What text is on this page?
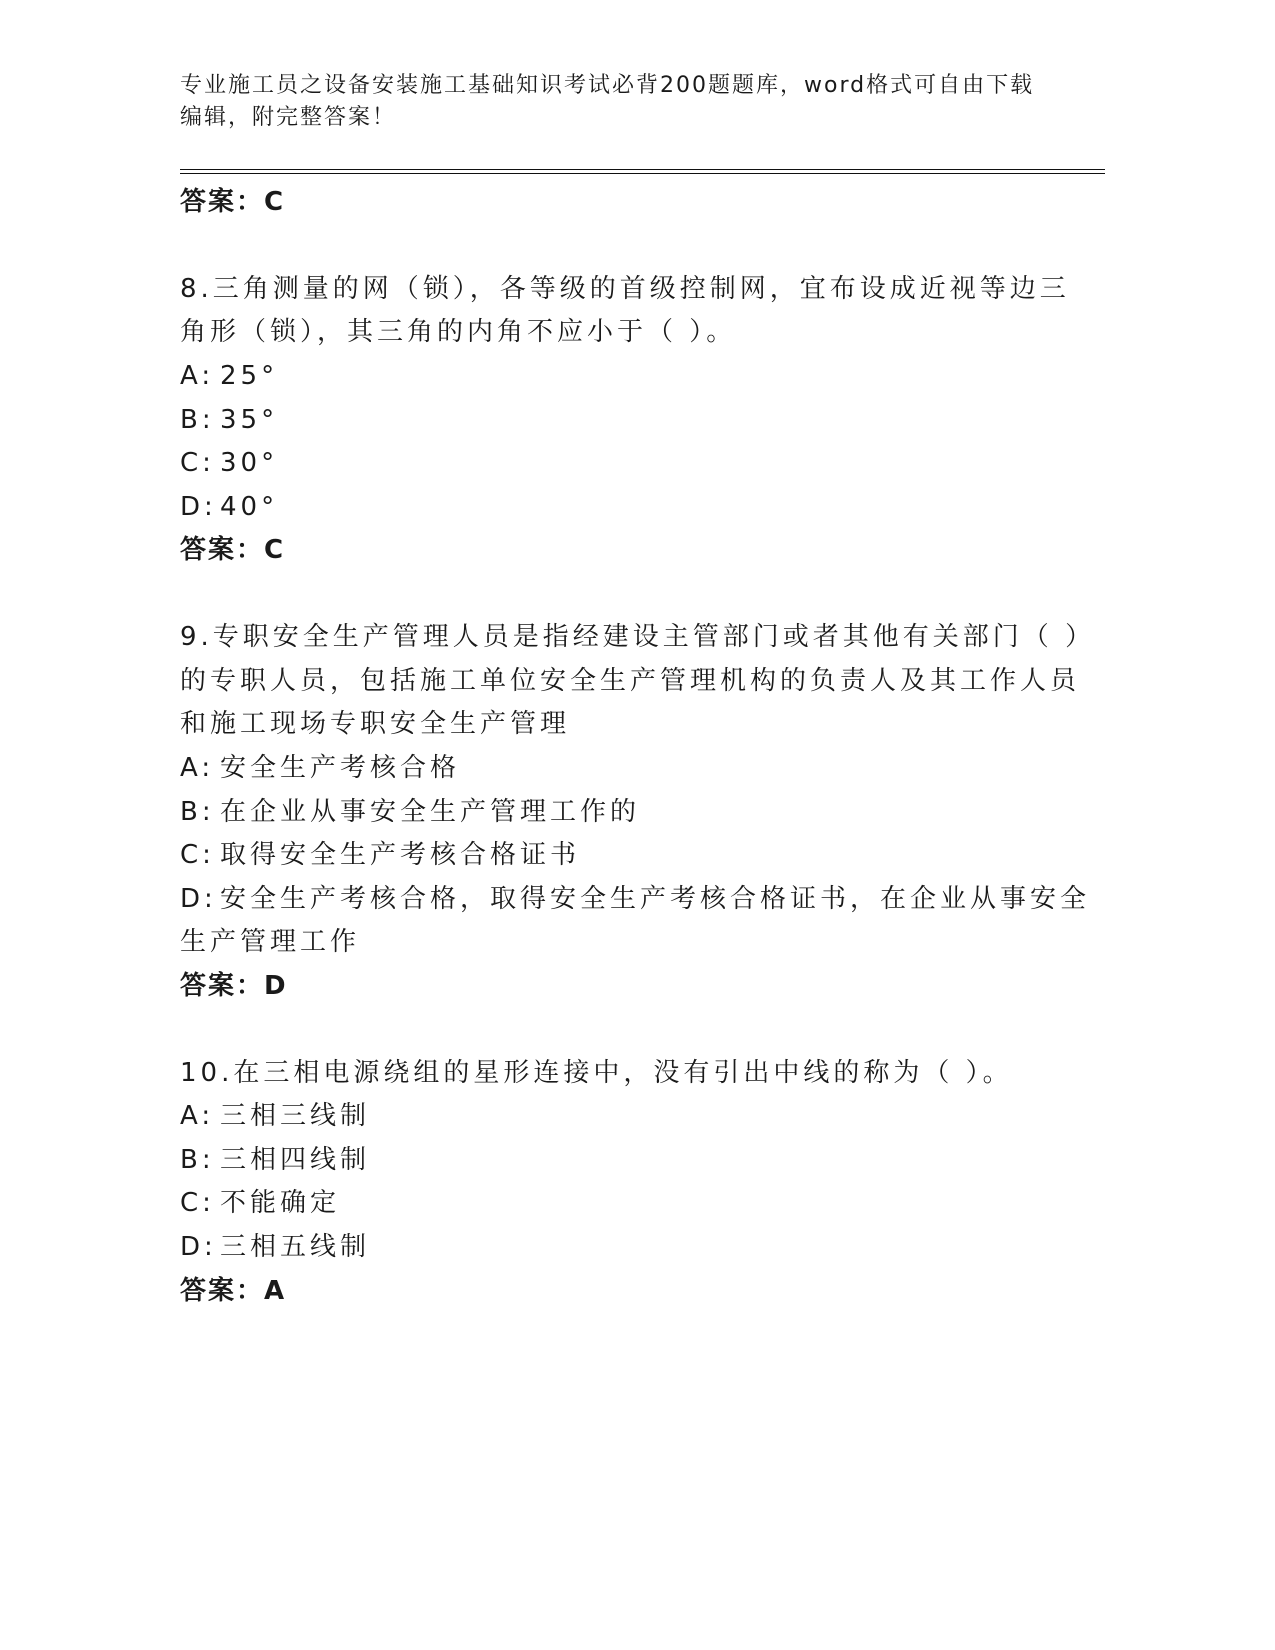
专业施工员之设备安装施工基础知识考试必背200题题库，word格式可自由下载
编辑，附完整答案！
答案：C
8.三角测量的网（锁），各等级的首级控制网，宜布设成近视等边三
角形（锁），其三角的内角不应小于（ ）。
A: 25°
B: 35°
C: 30°
D: 40°
答案：C
9.专职安全生产管理人员是指经建设主管部门或者其他有关部门（ ）
的专职人员，包括施工单位安全生产管理机构的负责人及其工作人员
和施工现场专职安全生产管理
A: 安全生产考核合格
B: 在企业从事安全生产管理工作的
C: 取得安全生产考核合格证书
D: 安全生产考核合格，取得安全生产考核合格证书，在企业从事安全
生产管理工作
答案：D
10.在三相电源绕组的星形连接中，没有引出中线的称为（ ）。
A: 三相三线制
B: 三相四线制
C: 不能确定
D: 三相五线制
答案：A
